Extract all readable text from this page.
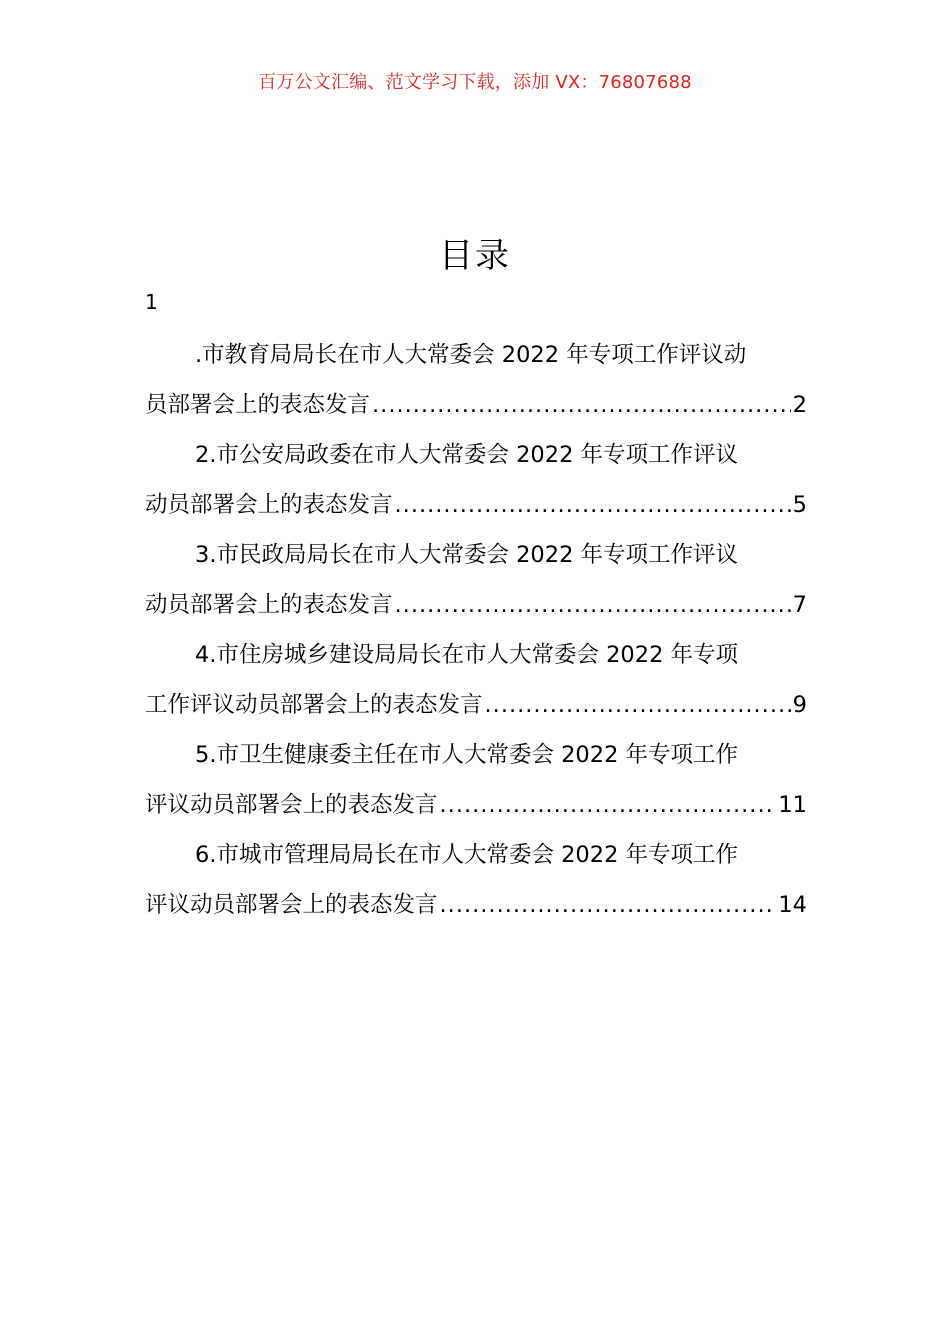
百万公文汇编、范文学习下载，添加 VX：76807688
目录
1
.市教育局局长在市人大常委会 2022 年专项工作评议动
员部署会上的表态发言 .....	2
2.市公安局政委在市人大常委会 2022 年专项工作评议
动员部署会上的表态发言 .....	5
3.市民政局局长在市人大常委会 2022 年专项工作评议
动员部署会上的表态发言 .....	7
4.市住房城乡建设局局长在市人大常委会 2022 年专项
工作评议动员部署会上的表态发言 .....	9
5.市卫生健康委主任在市人大常委会 2022 年专项工作
评议动员部署会上的表态发言 .....	11
6.市城市管理局局长在市人大常委会 2022 年专项工作
评议动员部署会上的表态发言 .....	14
